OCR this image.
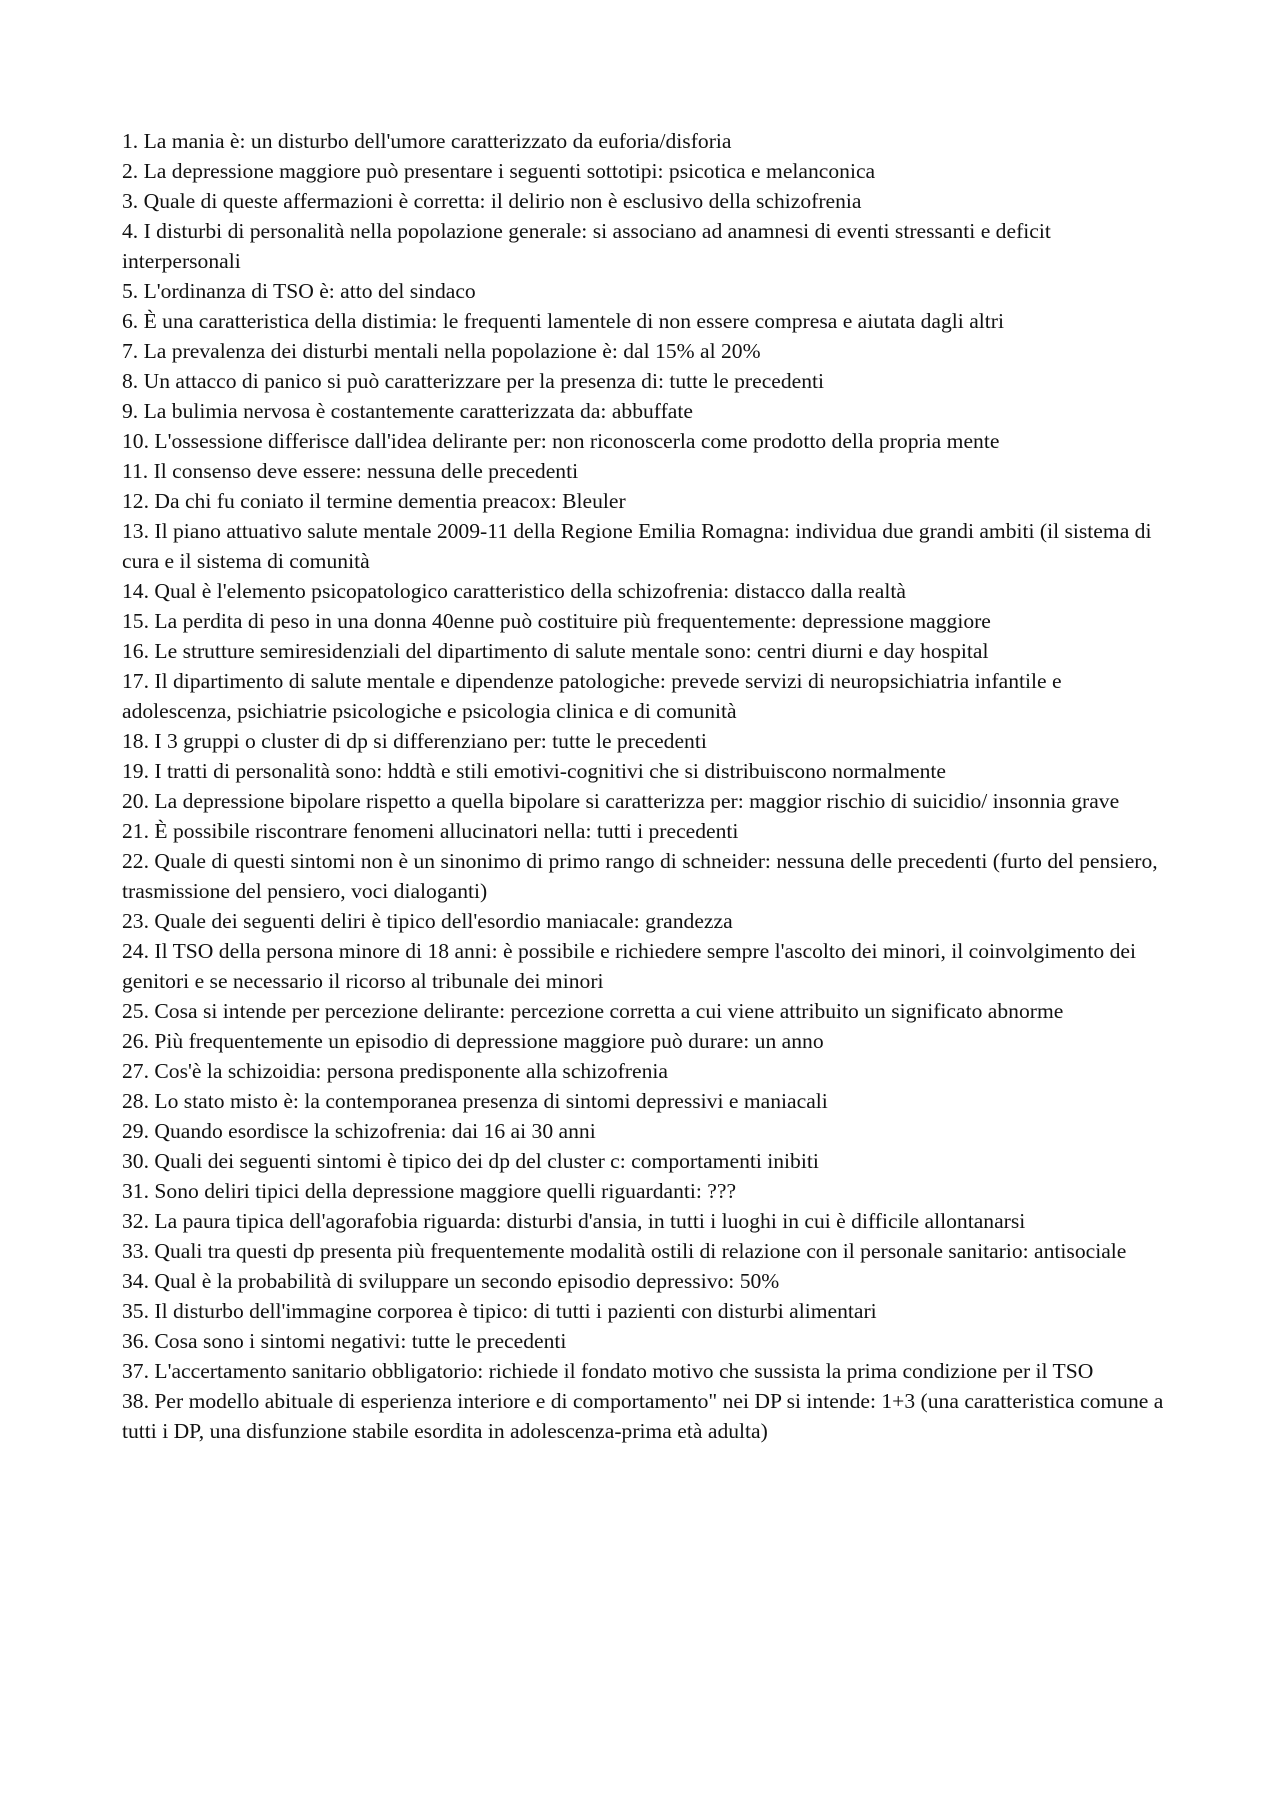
1. La mania è: un disturbo dell'umore caratterizzato da euforia/disforia

2. La depressione maggiore può presentare i seguenti sottotipi: psicotica e melanconica

3. Quale di queste affermazioni è corretta: il delirio non è esclusivo della schizofrenia

4. I disturbi di personalità nella popolazione generale: si associano ad anamnesi di eventi stressanti e deficit interpersonali

5. L'ordinanza di TSO è: atto del sindaco

6. È una caratteristica della distimia: le frequenti lamentele di non essere compresa e aiutata dagli altri

7. La prevalenza dei disturbi mentali nella popolazione è: dal 15% al 20%

8. Un attacco di panico si può caratterizzare per la presenza di: tutte le precedenti

9. La bulimia nervosa è costantemente caratterizzata da: abbuffate

10. L'ossessione differisce dall'idea delirante per: non riconoscerla come prodotto della propria mente

11. Il consenso deve essere: nessuna delle precedenti

12. Da chi fu coniato il termine dementia preacox: Bleuler

13. Il piano attuativo salute mentale 2009-11 della Regione Emilia Romagna: individua due grandi ambiti (il sistema di cura e il sistema di comunità

14. Qual è l'elemento psicopatologico caratteristico della schizofrenia: distacco dalla realtà

15. La perdita di peso in una donna 40enne può costituire più frequentemente: depressione maggiore

16. Le strutture semiresidenziali del dipartimento di salute mentale sono: centri diurni e day hospital

17. Il dipartimento di salute mentale e dipendenze patologiche: prevede servizi di neuropsichiatria infantile e adolescenza, psichiatrie psicologiche e psicologia clinica e di comunità

18. I 3 gruppi o cluster di dp si differenziano per: tutte le precedenti

19. I tratti di personalità sono: hddtà e stili emotivi-cognitivi che si distribuiscono normalmente

20. La depressione bipolare rispetto a quella bipolare si caratterizza per: maggior rischio di suicidio/ insonnia grave

21. È possibile riscontrare fenomeni allucinatori nella: tutti i precedenti

22. Quale di questi sintomi non è un sinonimo di primo rango di schneider: nessuna delle precedenti (furto del pensiero, trasmissione del pensiero, voci dialoganti)

23. Quale dei seguenti deliri è tipico dell'esordio maniacale: grandezza

24. Il TSO della persona minore di 18 anni: è possibile e richiedere sempre l'ascolto dei minori, il coinvolgimento dei genitori e se necessario il ricorso al tribunale dei minori

25. Cosa si intende per percezione delirante: percezione corretta a cui viene attribuito un significato abnorme

26. Più frequentemente un episodio di depressione maggiore può durare: un anno

27. Cos'è la schizoidia: persona predisponente alla schizofrenia

28. Lo stato misto è: la contemporanea presenza di sintomi depressivi e maniacali

29. Quando esordisce la schizofrenia: dai 16 ai 30 anni

30. Quali dei seguenti sintomi è tipico dei dp del cluster c: comportamenti inibiti

31. Sono deliri tipici della depressione maggiore quelli riguardanti: ???

32. La paura tipica dell'agorafobia riguarda: disturbi d'ansia, in tutti i luoghi in cui è difficile allontanarsi

33. Quali tra questi dp presenta più frequentemente modalità ostili di relazione con il personale sanitario: antisociale

34. Qual è la probabilità di sviluppare un secondo episodio depressivo: 50%

35. Il disturbo dell'immagine corporea è tipico: di tutti i pazienti con disturbi alimentari

36. Cosa sono i sintomi negativi: tutte le precedenti

37. L'accertamento sanitario obbligatorio: richiede il fondato motivo che sussista la prima condizione per il TSO

38. Per modello abituale di esperienza interiore e di comportamento" nei DP si intende: 1+3 (una caratteristica comune a tutti i DP, una disfunzione stabile esordita in adolescenza-prima età adulta)
